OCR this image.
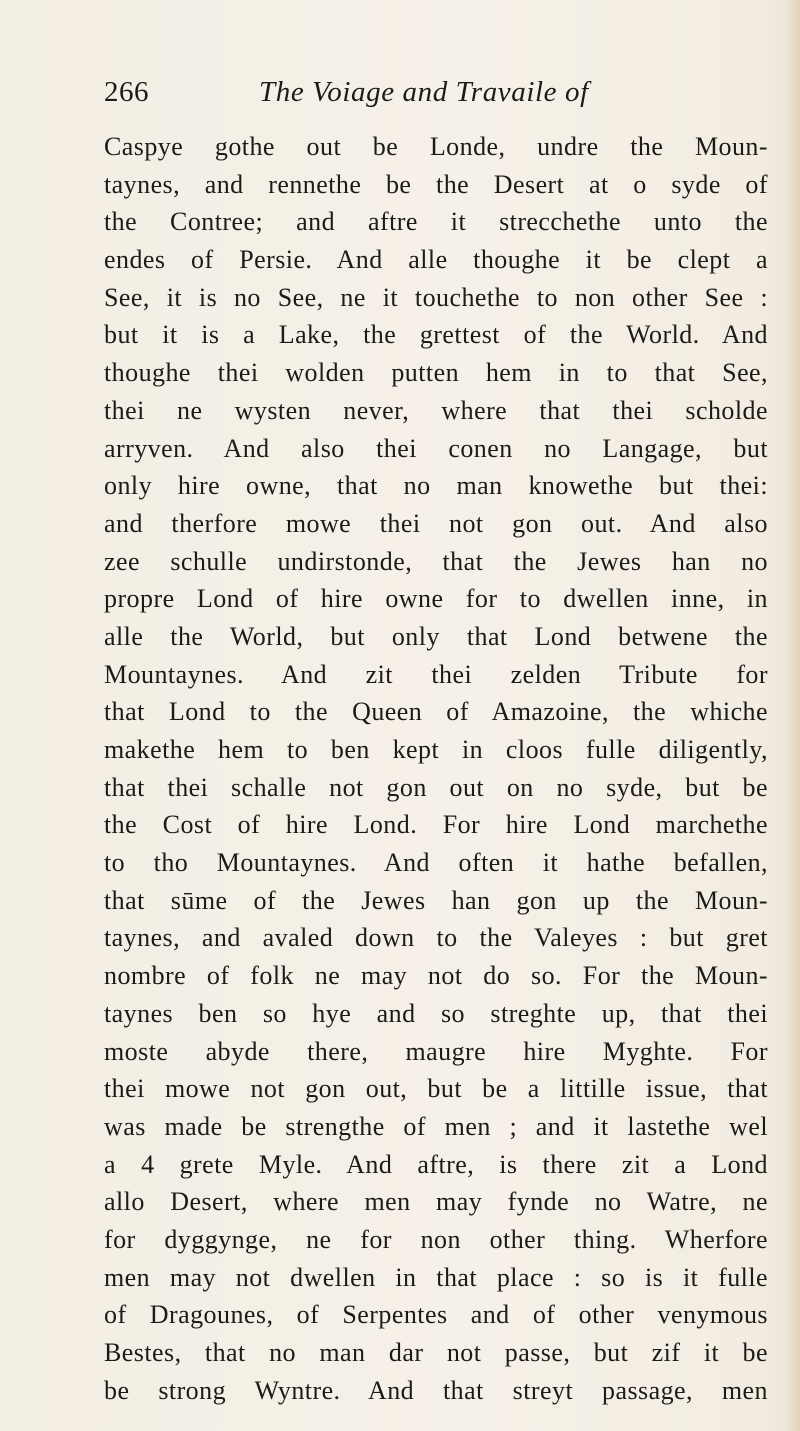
266	The Voiage and Travaile of
Caspye gothe out be Londe, undre the Moun-
taynes, and rennethe be the Desert at o syde of
the Contree; and aftre it strecchethe unto the
endes of Persie. And alle thoughe it be clept a
See, it is no See, ne it touchethe to non other See :
but it is a Lake, the grettest of the World. And
thoughe thei wolden putten hem in to that See,
thei ne wysten never, where that thei scholde
arryven. And also thei conen no Langage, but
only hire owne, that no man knowethe but thei:
and therfore mowe thei not gon out. And also
zee schulle undirstonde, that the Jewes han no
propre Lond of hire owne for to dwellen inne, in
alle the World, but only that Lond betwene the
Mountaynes. And zit thei zelden Tribute for
that Lond to the Queen of Amazoine, the whiche
makethe hem to ben kept in cloos fulle diligently,
that thei schalle not gon out on no syde, but be
the Cost of hire Lond. For hire Lond marchethe
to tho Mountaynes. And often it hathe befallen,
that sūme of the Jewes han gon up the Moun-
taynes, and avaled down to the Valeyes : but gret
nombre of folk ne may not do so. For the Moun-
taynes ben so hye and so streghte up, that thei
moste abyde there, maugre hire Myghte. For
thei mowe not gon out, but be a littille issue, that
was made be strengthe of men ; and it lastethe wel
a 4 grete Myle. And aftre, is there zit a Lond
allo Desert, where men may fynde no Watre, ne
for dyggynge, ne for non other thing. Wherfore
men may not dwellen in that place : so is it fulle
of Dragounes, of Serpentes and of other venymous
Bestes, that no man dar not passe, but zif it be
be strong Wyntre. And that streyt passage, men
